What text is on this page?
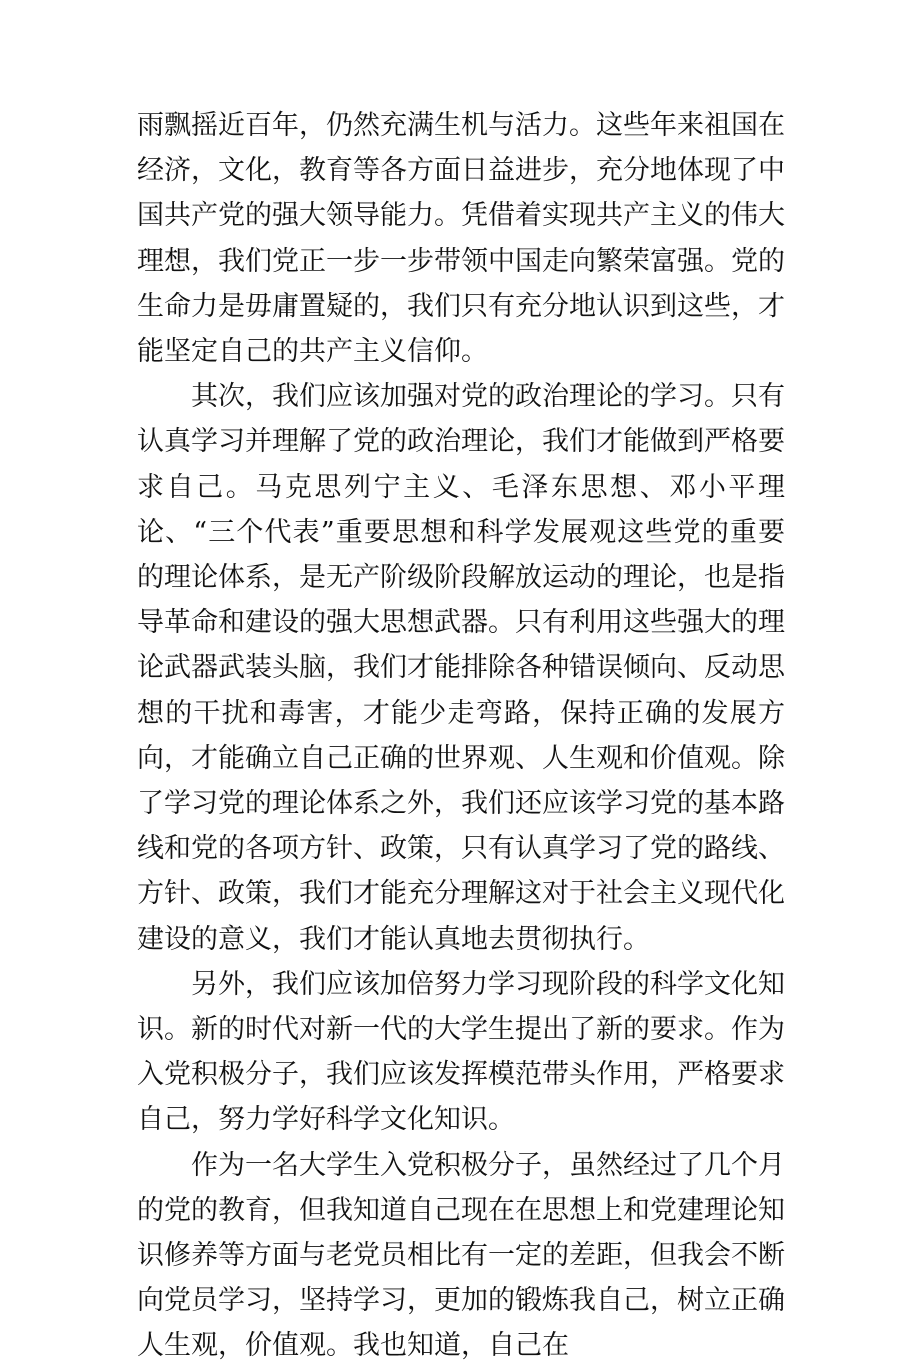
雨飘摇近百年，仍然充满生机与活力。这些年来祖国在经济，文化，教育等各方面日益进步，充分地体现了中国共产党的强大领导能力。凭借着实现共产主义的伟大理想，我们党正一步一步带领中国走向繁荣富强。党的生命力是毋庸置疑的，我们只有充分地认识到这些，才能坚定自己的共产主义信仰。

其次，我们应该加强对党的政治理论的学习。只有认真学习并理解了党的政治理论，我们才能做到严格要求自己。马克思列宁主义、毛泽东思想、邓小平理论、“三个代表”重要思想和科学发展观这些党的重要的理论体系，是无产阶级阶段解放运动的理论，也是指导革命和建设的强大思想武器。只有利用这些强大的理论武器武装头脑，我们才能排除各种错误倾向、反动思想的干扰和毒害，才能少走弯路，保持正确的发展方向，才能确立自己正确的世界观、人生观和价值观。除了学习党的理论体系之外，我们还应该学习党的基本路线和党的各项方针、政策，只有认真学习了党的路线、方针、政策，我们才能充分理解这对于社会主义现代化建设的意义，我们才能认真地去贯彻执行。

另外，我们应该加倍努力学习现阶段的科学文化知识。新的时代对新一代的大学生提出了新的要求。作为入党积极分子，我们应该发挥模范带头作用，严格要求自己，努力学好科学文化知识。

作为一名大学生入党积极分子，虽然经过了几个月的党的教育，但我知道自己现在在思想上和党建理论知识修养等方面与老党员相比有一定的差距，但我会不断向党员学习，坚持学习，更加的锻炼我自己，树立正确人生观，价值观。我也知道，自己在
